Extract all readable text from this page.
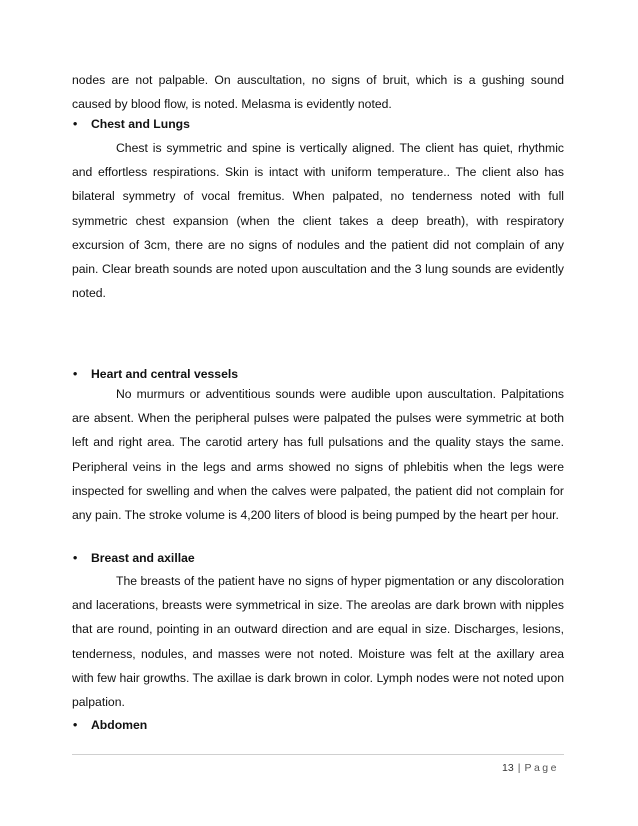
nodes are not palpable. On auscultation, no signs of bruit, which is a gushing sound caused by blood flow, is noted. Melasma is evidently noted.

• Chest and Lungs

Chest is symmetric and spine is vertically aligned. The client has quiet, rhythmic and effortless respirations. Skin is intact with uniform temperature.. The client also has bilateral symmetry of vocal fremitus. When palpated, no tenderness noted with full symmetric chest expansion (when the client takes a deep breath), with respiratory excursion of 3cm, there are no signs of nodules and the patient did not complain of any pain. Clear breath sounds are noted upon auscultation and the 3 lung sounds are evidently noted.

• Heart and central vessels

No murmurs or adventitious sounds were audible upon auscultation. Palpitations are absent. When the peripheral pulses were palpated the pulses were symmetric at both left and right area. The carotid artery has full pulsations and the quality stays the same. Peripheral veins in the legs and arms showed no signs of phlebitis when the legs were inspected for swelling and when the calves were palpated, the patient did not complain for any pain. The stroke volume is 4,200 liters of blood is being pumped by the heart per hour.

• Breast and axillae

The breasts of the patient have no signs of hyper pigmentation or any discoloration and lacerations, breasts were symmetrical in size. The areolas are dark brown with nipples that are round, pointing in an outward direction and are equal in size. Discharges, lesions, tenderness, nodules, and masses were not noted. Moisture was felt at the axillary area with few hair growths. The axillae is dark brown in color. Lymph nodes were not noted upon palpation.

• Abdomen
13 | Page
